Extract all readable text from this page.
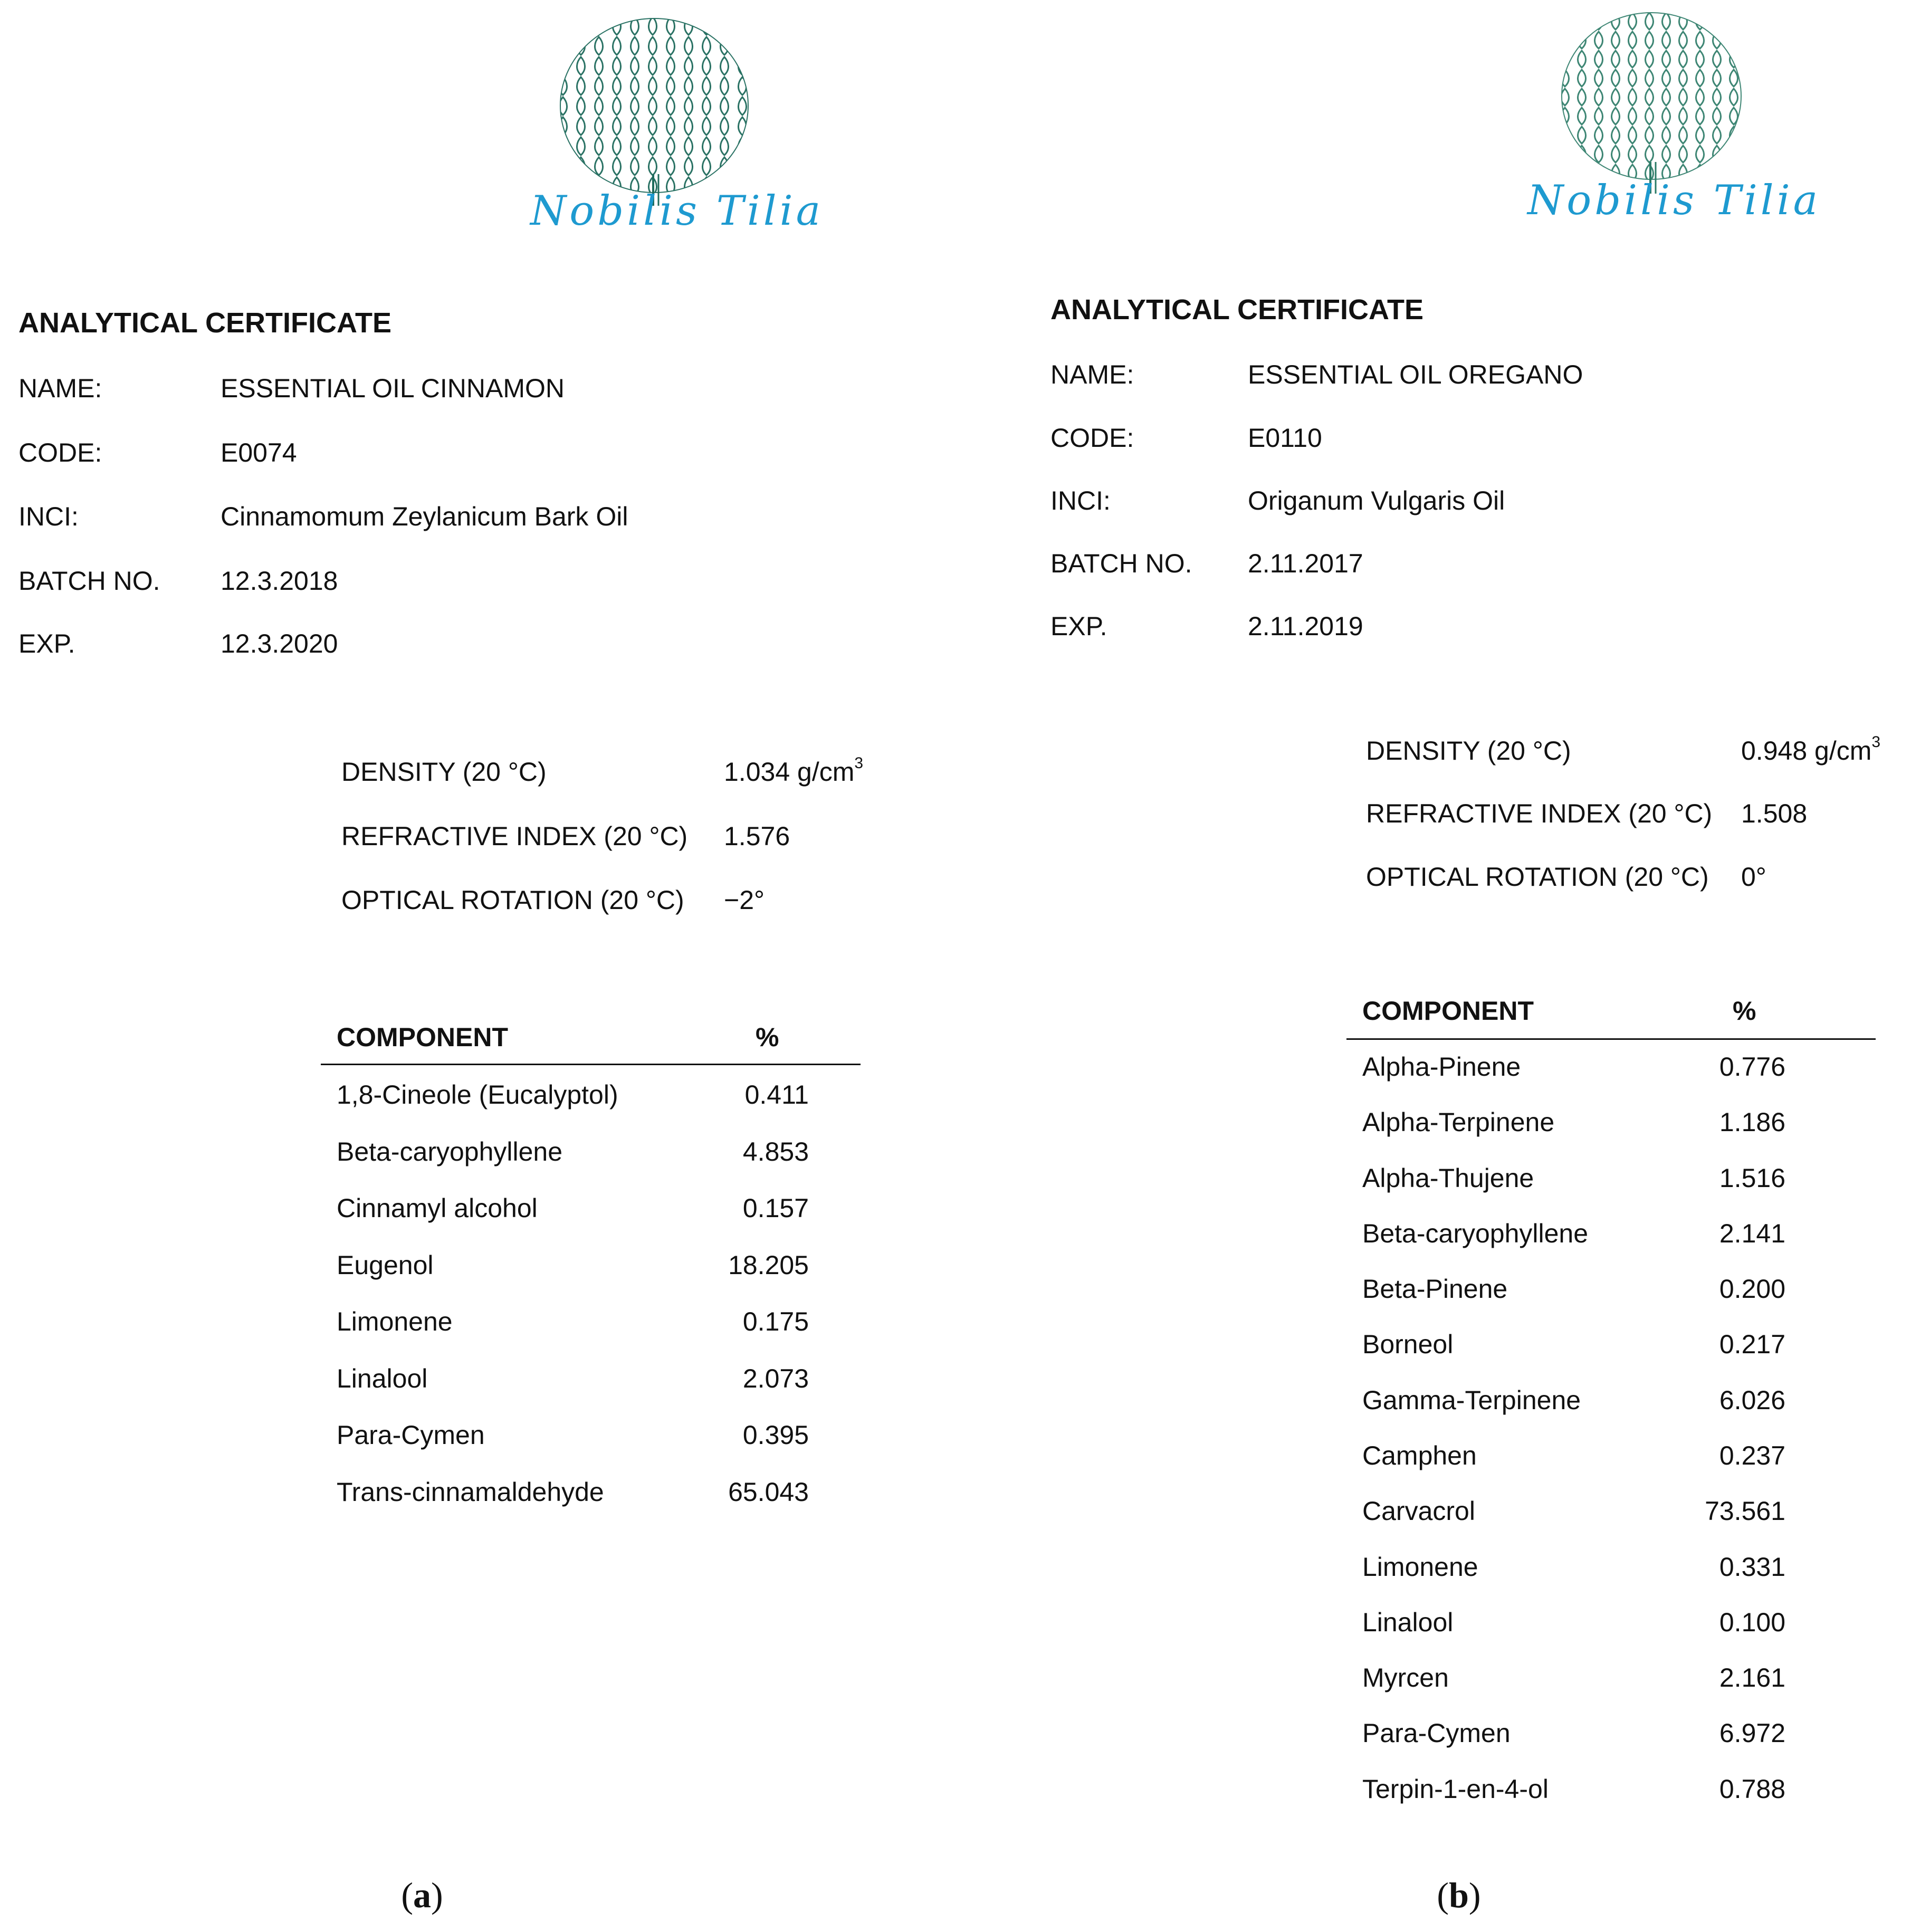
Nobilis Tilia
ANALYTICAL CERTIFICATE
NAME:	ESSENTIAL OIL CINNAMON
CODE:	E0074
INCI:	Cinnamomum Zeylanicum Bark Oil
BATCH NO. 12.3.2018
EXP.	12.3.2020
DENSITY (20 °C)	1.034 $g/cm^3$
REFRACTIVE INDEX (20 °C) 1.576
OPTICAL ROTATION (20 °C) −2°
COMPONENT	%
1,8-Cineole (Eucalyptol)	0.411
Beta-caryophyllene	4.853
Cinnamyl alcohol	0.157
Eugenol	18.205
Limonene	0.175
Linalool	2.073
Para-Cymen	0.395
Trans-cinnamaldehyde	65.043
(a)
Nobilis Tilia
ANALYTICAL CERTIFICATE
NAME:	ESSENTIAL OIL OREGANO
CODE:	E0110
INCI:	Origanum Vulgaris Oil
BATCH NO. 2.11.2017
EXP.	2.11.2019
DENSITY (20 °C)	0.948 $g/cm^3$
REFRACTIVE INDEX (20 °C) 1.508
OPTICAL ROTATION (20 °C) 0°
COMPONENT	%
Alpha-Pinene	0.776
Alpha-Terpinene	1.186
Alpha-Thujene	1.516
Beta-caryophyllene	2.141
Beta-Pinene	0.200
Borneol	0.217
Gamma-Terpinene	6.026
Camphen	0.237
Carvacrol	73.561
Limonene	0.331
Linalool	0.100
Myrcen	2.161
Para-Cymen	6.972
Terpin-1-en-4-ol	0.788
(b)
